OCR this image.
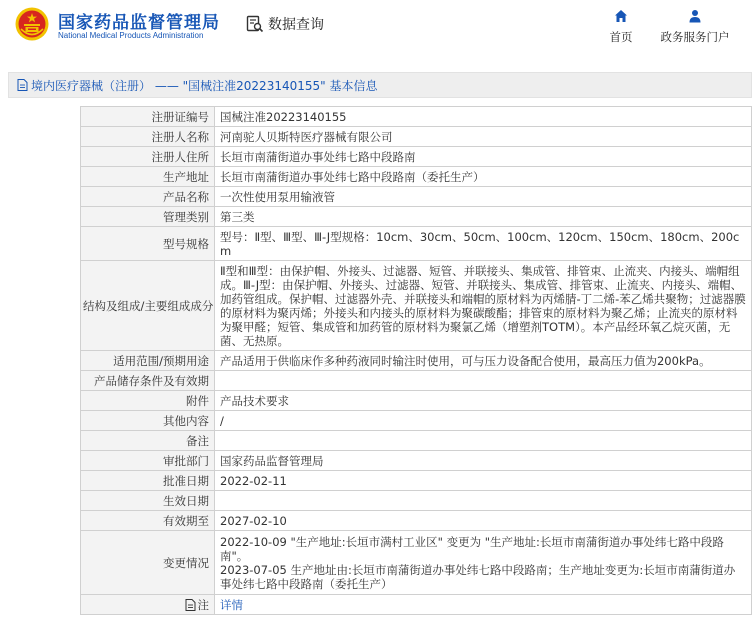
国家药品监督管理局
National Medical Products Administration
数据查询
首页 政务服务门户
境内医疗器械（注册） —— "国械注准20223140155" 基本信息
注册证编号	国械注准20223140155
注册人名称	河南驼人贝斯特医疗器械有限公司
注册人住所	长垣市南蒲街道办事处纬七路中段路南
生产地址	长垣市南蒲街道办事处纬七路中段路南（委托生产）
产品名称	一次性使用泵用输液管
管理类别	第三类
型号规格	型号：Ⅱ型、Ⅲ型、Ⅲ-J型规格：10cm、30cm、50cm、100cm、120cm、150cm、180cm、200cm
结构及组成/主要组成成分	Ⅱ型和Ⅲ型：由保护帽、外接头、过滤器、短管、并联接头、集成管、排管束、止流夹、内接头、端帽组成。Ⅲ-J型：由保护帽、外接头、过滤器、短管、并联接头、集成管、排管束、止流夹、内接头、端帽、加药管组成。保护帽、过滤器外壳、并联接头和端帽的原材料为丙烯腈-丁二烯-苯乙烯共聚物；过滤器膜的原材料为聚丙烯；外接头和内接头的原材料为聚碳酸酯；排管束的原材料为聚乙烯；止流夹的原材料为聚甲醛；短管、集成管和加药管的原材料为聚氯乙烯（增塑剂TOTM）。本产品经环氧乙烷灭菌，无菌、无热原。
适用范围/预期用途	产品适用于供临床作多种药液同时输注时使用，可与压力设备配合使用，最高压力值为200kPa。
产品储存条件及有效期	
附件	产品技术要求
其他内容	/
备注	
审批部门	国家药品监督管理局
批准日期	2022-02-11
生效日期	
有效期至	2027-02-10
变更情况	2022-10-09 "生产地址:长垣市满村工业区" 变更为 "生产地址:长垣市南蒲街道办事处纬七路中段路南"。
2023-07-05 生产地址由:长垣市南蒲街道办事处纬七路中段路南；生产地址变更为:长垣市南蒲街道办事处纬七路中段路南（委托生产）
注	详情
